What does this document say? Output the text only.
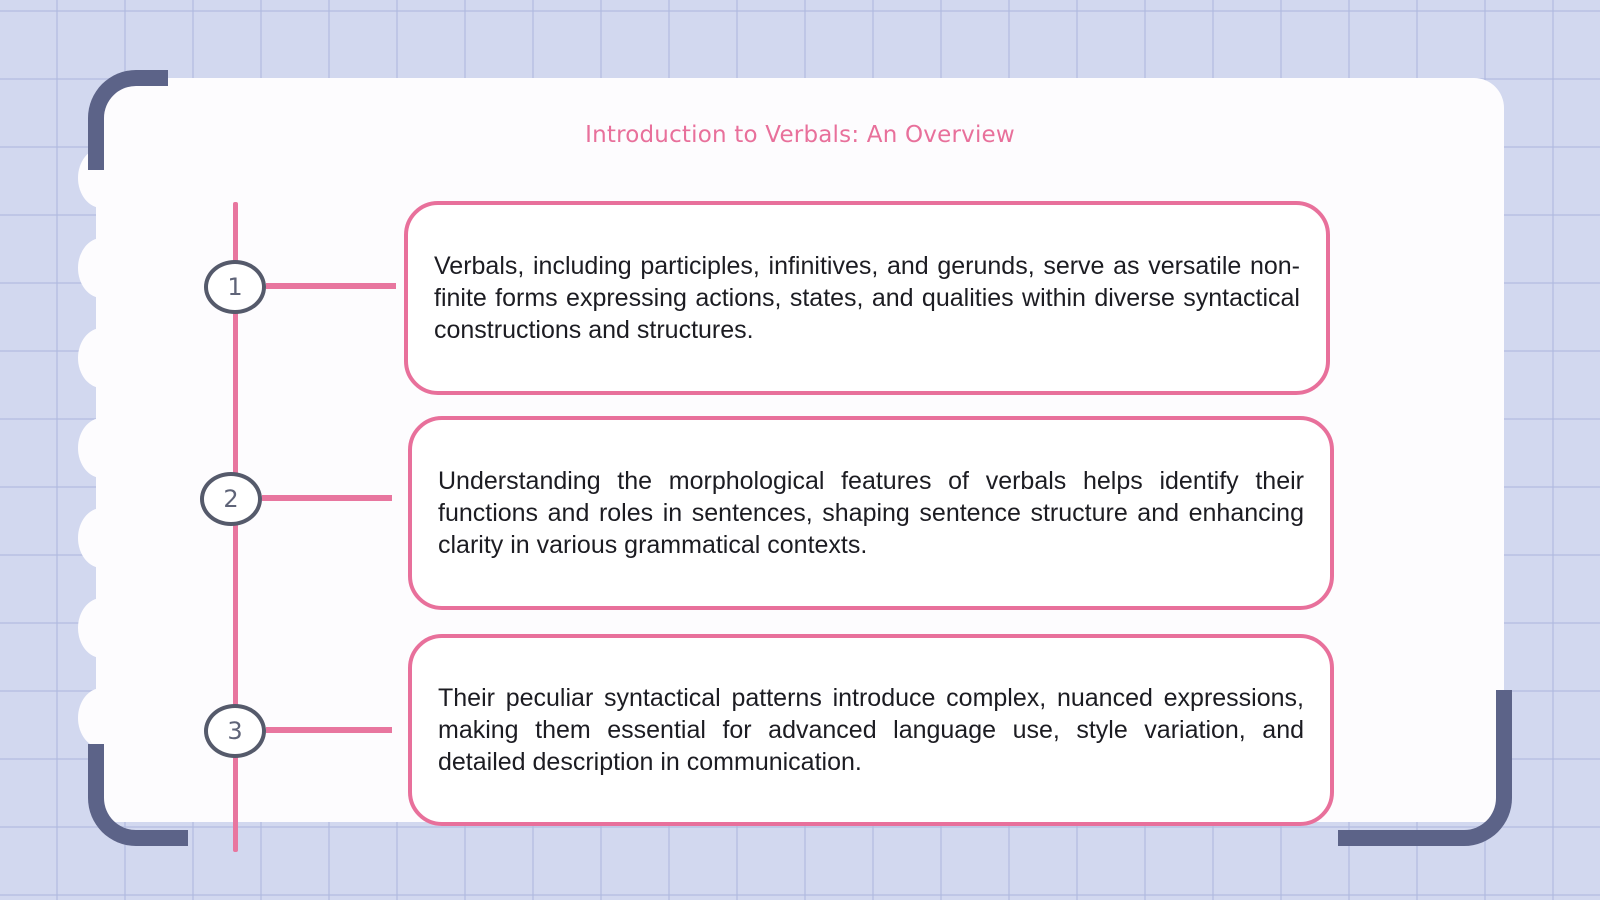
Introduction to Verbals: An Overview
1

Verbals, including participles, infinitives, and gerunds, serve as versatile non-finite forms expressing actions, states, and qualities within diverse syntactical constructions and structures.

2

Understanding the morphological features of verbals helps identify their functions and roles in sentences, shaping sentence structure and enhancing clarity in various grammatical contexts.

3

Their peculiar syntactical patterns introduce complex, nuanced expressions, making them essential for advanced language use, style variation, and detailed description in communication.
